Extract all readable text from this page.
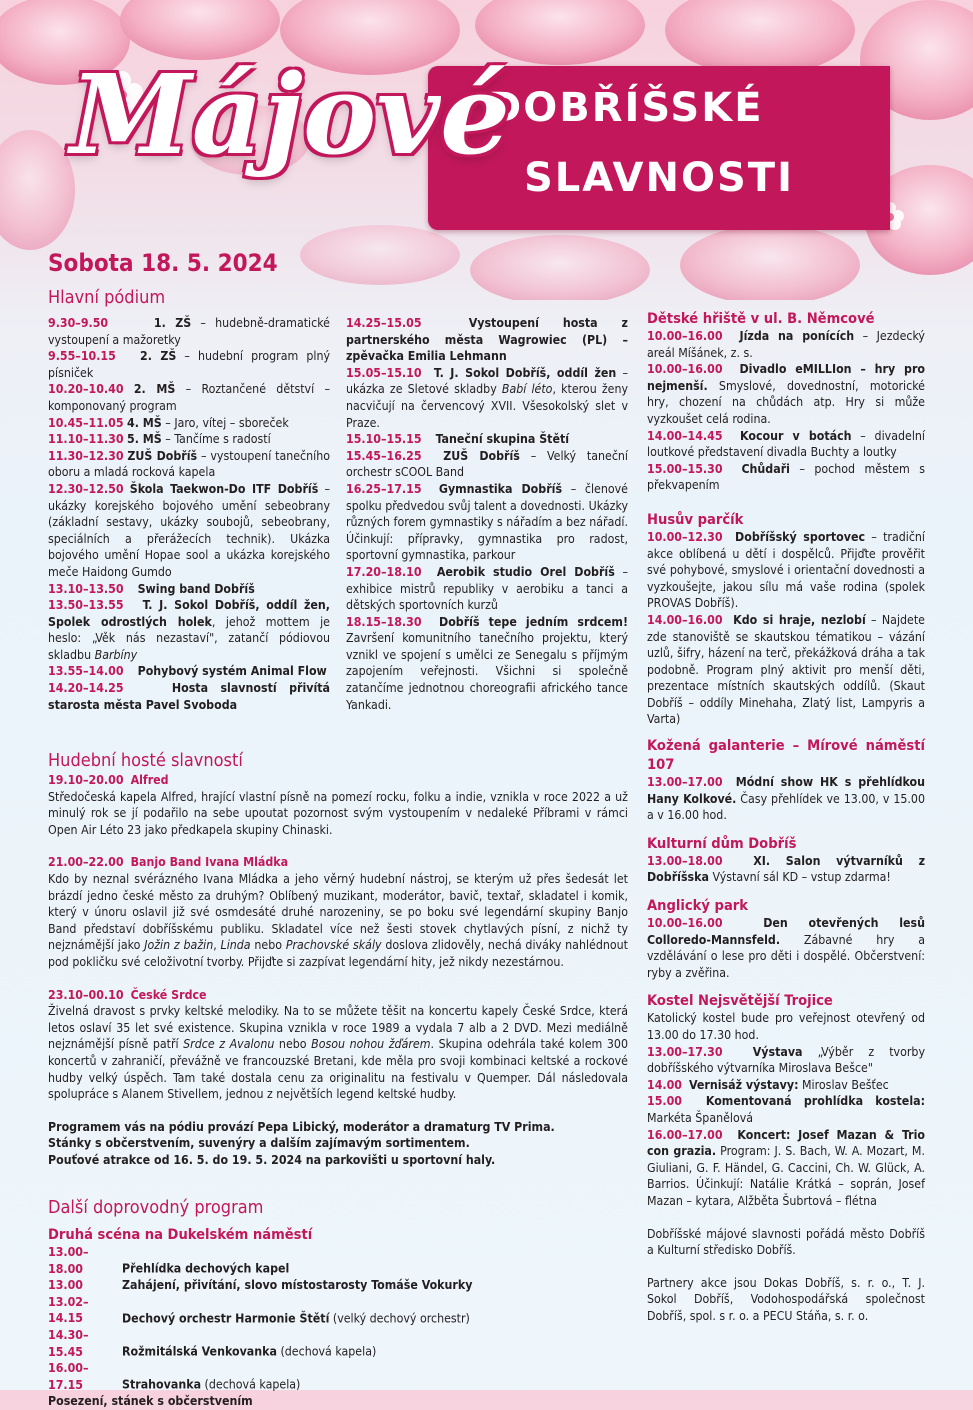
DOBŘÍŠSKÉ
SLAVNOSTI
Májové
Sobota 18. 5. 2024
Hlavní pódium

9.30–9.50	1. ZŠ – hudebně-dramatické vystoupení a mažoretky

9.55–10.15 2. ZŠ – hudební program plný písniček

10.20–10.40 2. MŠ – Roztančené dětství – komponovaný program

10.45–11.05 4. MŠ – Jaro, vítej – sboreček

11.10–11.30 5. MŠ – Tančíme s radostí

11.30–12.30 ZUŠ Dobříš – vystoupení tanečního oboru a mladá rocková kapela

12.30–12.50 Škola Taekwon-Do ITF Dobříš – ukázky korejského bojového umění sebeobrany (základní sestavy, ukázky soubojů, sebeobrany, speciálních a přerážecích technik). Ukázka bojového umění Hopae sool a ukázka korejského meče Haidong Gumdo

13.10–13.50 Swing band Dobříš

13.50–13.55 T. J. Sokol Dobříš, oddíl žen, Spolek odrostlých holek, jehož mottem je heslo: „Věk nás nezastaví", zatančí pódiovou skladbu Barbíny

13.55–14.00 Pohybový systém Animal Flow

14.20–14.25	Hosta slavností přivítá starosta města Pavel Svoboda

14.25–15.05	Vystoupení hosta z partnerského města Wagrowiec (PL) – zpěvačka Emilia Lehmann

15.05–15.10 T. J. Sokol Dobříš, oddíl žen – ukázka ze Sletové skladby Babí léto, kterou ženy nacvičují na červencový XVII. Všesokolský slet v Praze.

15.10–15.15 Taneční skupina Štětí

15.45–16.25 ZUŠ Dobříš – Velký taneční orchestr sCOOL Band

16.25–17.15 Gymnastika Dobříš – členové spolku předvedou svůj talent a dovednosti. Ukázky různých forem gymnastiky s nářadím a bez nářadí. Účinkují: přípravky, gymnastika pro radost, sportovní gymnastika, parkour

17.20–18.10 Aerobik studio Orel Dobříš – exhibice mistrů republiky v aerobiku a tanci a dětských sportovních kurzů

18.15–18.30 Dobříš tepe jedním srdcem! Završení komunitního tanečního projektu, který vznikl ve spojení s umělci ze Senegalu s příjmým zapojením veřejnosti. Všichni si společně zatančíme jednotnou choreografii afrického tance Yankadi.

Hudební hosté slavností

19.10–20.00 Alfred

Středočeská kapela Alfred, hrající vlastní písně na pomezí rocku, folku a indie, vznikla v roce 2022 a už minulý rok se jí podařilo na sebe upoutat pozornost svým vystoupením v nedaleké Příbrami v rámci Open Air Léto 23 jako předkapela skupiny Chinaski.

21.00–22.00 Banjo Band Ivana Mládka

Kdo by neznal svérázného Ivana Mládka a jeho věrný hudební nástroj, se kterým už přes šedesát let brázdí jedno české město za druhým? Oblíbený muzikant, moderátor, bavič, textař, skladatel i komik, který v únoru oslavil již své osmdesáté druhé narozeniny, se po boku své legendární skupiny Banjo Band představí dobříšskému publiku. Skladatel více než šesti stovek chytlavých písní, z nichž ty nejznámější jako Jožin z bažin, Linda nebo Prachovské skály doslova zlidověly, nechá diváky nahlédnout pod pokličku své celoživotní tvorby. Přijďte si zazpívat legendární hity, jež nikdy nezestárnou.

23.10–00.10 České Srdce

Živelná dravost s prvky keltské melodiky. Na to se můžete těšit na koncertu kapely České Srdce, která letos oslaví 35 let své existence. Skupina vznikla v roce 1989 a vydala 7 alb a 2 DVD. Mezi mediálně nejznámější písně patří Srdce z Avalonu nebo Bosou nohou žďárem. Skupina odehrála také kolem 300 koncertů v zahraničí, převážně ve francouzské Bretani, kde měla pro svoji kombinaci keltské a rockové hudby velký úspěch. Tam také dostala cenu za originalitu na festivalu v Quemper. Dál následovala spolupráce s Alanem Stivellem, jednou z největších legend keltské hudby.

Programem vás na pódiu provází Pepa Libický, moderátor a dramaturg TV Prima.

Stánky s občerstvením, suvenýry a dalším zajímavým sortimentem.

Pouťové atrakce od 16. 5. do 19. 5. 2024 na parkovišti u sportovní haly.

Další doprovodný program
Druhá scéna na Dukelském náměstí

13.00–18.00	Přehlídka dechových kapel

13.00	Zahájení, přivítání, slovo místostarosty Tomáše Vokurky

13.02–14.15	Dechový orchestr Harmonie Štětí (velký dechový orchestr)

14.30–15.45	Rožmitálská Venkovanka (dechová kapela)

16.00–17.15	Strahovanka (dechová kapela)

Posezení, stánek s občerstvením

Dětské hřiště v ul. B. Němcové

10.00–16.00 Jízda na ponících – Jezdecký areál Míšánek, z. s.

10.00–16.00 Divadlo eMILLIon – hry pro nejmenší. Smyslové, dovednostní, motorické hry, chození na chůdách atp. Hry si může vyzkoušet celá rodina.

14.00–14.45 Kocour v botách – divadelní loutkové představení divadla Buchty a loutky

15.00–15.30 Chůdaři – pochod městem s překvapením

Husův parčík

10.00–12.30 Dobříšský sportovec – tradiční akce oblíbená u dětí i dospělců. Přijďte prověřit své pohybové, smyslové i orientační dovednosti a vyzkoušejte, jakou sílu má vaše rodina (spolek PROVAS Dobříš).

14.00–16.00 Kdo si hraje, nezlobí – Najdete zde stanoviště se skautskou tématikou – vázání uzlů, šifry, házení na terč, překážková dráha a tak podobně. Program plný aktivit pro menší děti, prezentace místních skautských oddílů. (Skaut Dobříš – oddíly Minehaha, Zlatý list, Lampyris a Varta)

Kožená galanterie – Mírové náměstí 107

13.00–17.00 Módní show HK s přehlídkou Hany Kolkové. Časy přehlídek ve 13.00, v 15.00 a v 16.00 hod.

Kulturní dům Dobříš

13.00–18.00 XI. Salon výtvarníků z Dobříšska Výstavní sál KD – vstup zdarma!

Anglický park

10.00–16.00	Den otevřených lesů Colloredo-Mannsfeld. Zábavné hry a vzdělávání o lese pro děti i dospělé. Občerstvení: ryby a zvěřina.

Kostel Nejsvětější Trojice

Katolický kostel bude pro veřejnost otevřený od 13.00 do 17.30 hod.

13.00–17.30 Výstava „Výběr z tvorby dobříšského výtvarníka Miroslava Bešce"

14.00 Vernisáž výstavy: Miroslav Bešťec

15.00 Komentovaná prohlídka kostela: Markéta Španělová

16.00–17.00 Koncert: Josef Mazan & Trio con grazia. Program: J. S. Bach, W. A. Mozart, M. Giuliani, G. F. Händel, G. Caccini, Ch. W. Glück, A. Barrios. Účinkují: Natálie Krátká – soprán, Josef Mazan – kytara, Alžběta Šubrtová – flétna

Dobříšské májové slavnosti pořádá město Dobříš a Kulturní středisko Dobříš.

Partnery akce jsou Dokas Dobříš, s. r. o., T. J. Sokol Dobříš, Vodohospodářská společnost Dobříš, spol. s r. o. a PECU Stáňa, s. r. o.
